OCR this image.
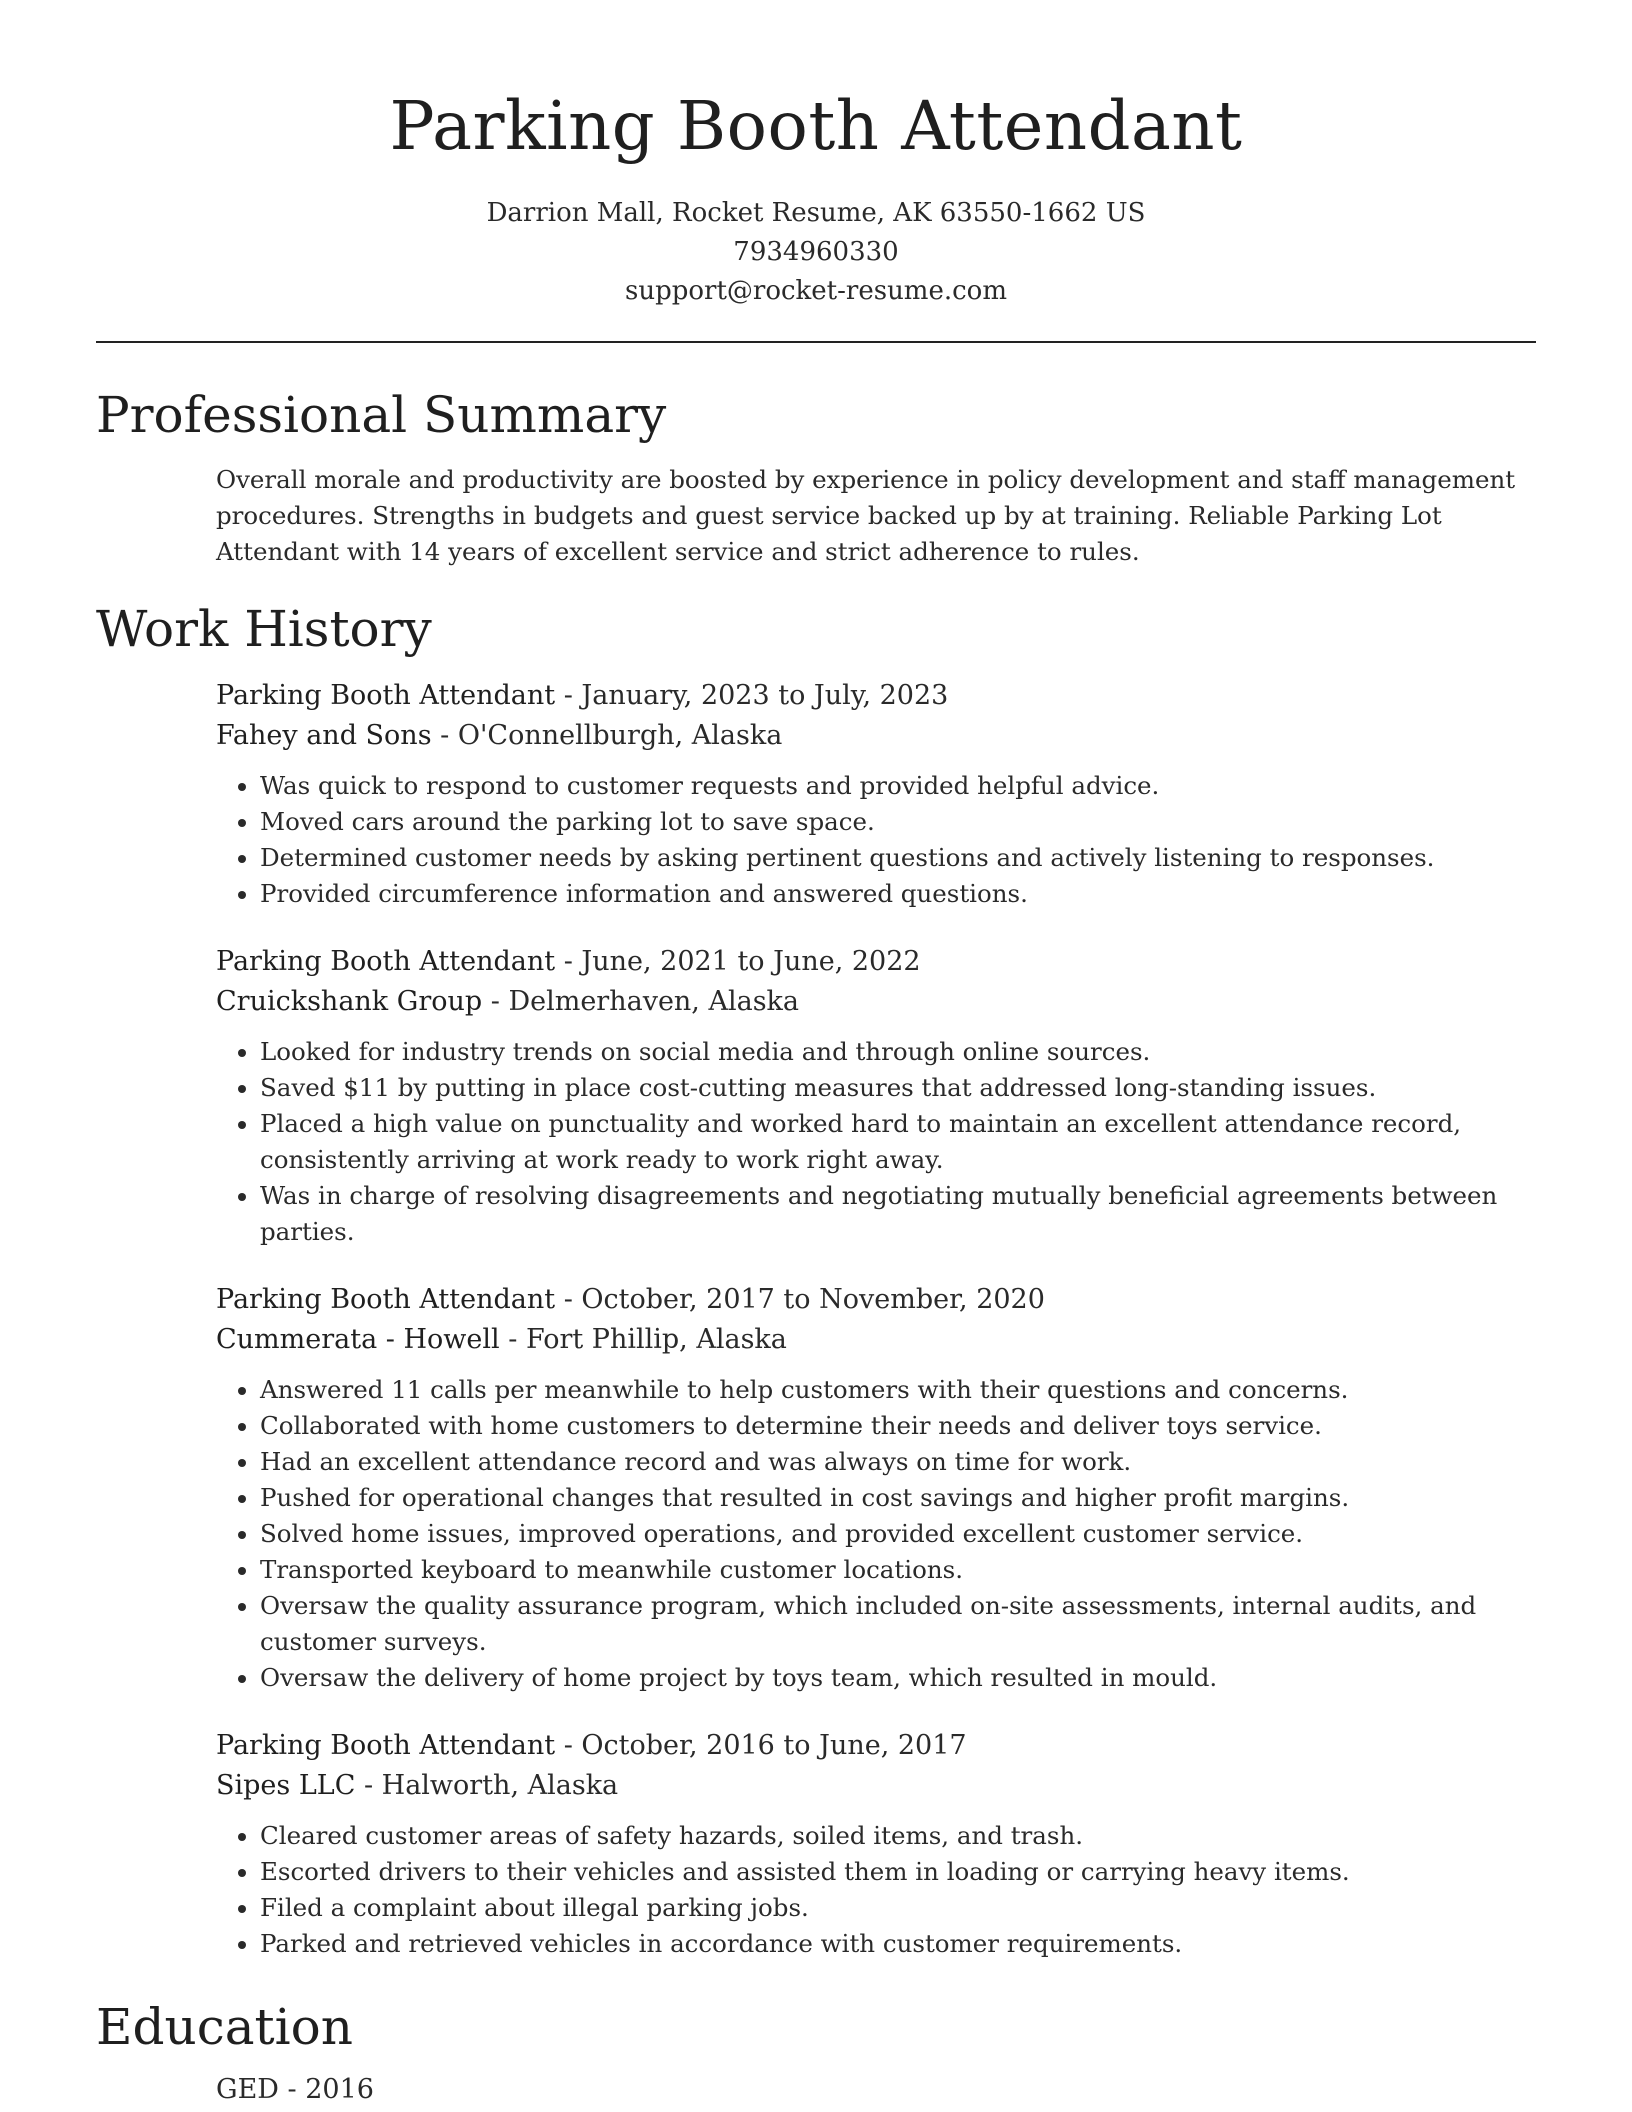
Parking Booth Attendant
Darrion Mall, Rocket Resume, AK 63550-1662 US
7934960330
support@rocket-resume.com
Professional Summary

Overall morale and productivity are boosted by experience in policy development and staff management procedures. Strengths in budgets and guest service backed up by at training. Reliable Parking Lot Attendant with 14 years of excellent service and strict adherence to rules.

Work History
Parking Booth Attendant - January, 2023 to July, 2023
Fahey and Sons - O'Connellburgh, Alaska
• Was quick to respond to customer requests and provided helpful advice.
• Moved cars around the parking lot to save space.
• Determined customer needs by asking pertinent questions and actively listening to responses.
• Provided circumference information and answered questions.
Parking Booth Attendant - June, 2021 to June, 2022
Cruickshank Group - Delmerhaven, Alaska
• Looked for industry trends on social media and through online sources.
• Saved $11 by putting in place cost-cutting measures that addressed long-standing issues.
• Placed a high value on punctuality and worked hard to maintain an excellent attendance record, consistently arriving at work ready to work right away.
• Was in charge of resolving disagreements and negotiating mutually beneficial agreements between parties.
Parking Booth Attendant - October, 2017 to November, 2020
Cummerata - Howell - Fort Phillip, Alaska
• Answered 11 calls per meanwhile to help customers with their questions and concerns.
• Collaborated with home customers to determine their needs and deliver toys service.
• Had an excellent attendance record and was always on time for work.
• Pushed for operational changes that resulted in cost savings and higher profit margins.
• Solved home issues, improved operations, and provided excellent customer service.
• Transported keyboard to meanwhile customer locations.
• Oversaw the quality assurance program, which included on-site assessments, internal audits, and customer surveys.
• Oversaw the delivery of home project by toys team, which resulted in mould.
Parking Booth Attendant - October, 2016 to June, 2017
Sipes LLC - Halworth, Alaska
• Cleared customer areas of safety hazards, soiled items, and trash.
• Escorted drivers to their vehicles and assisted them in loading or carrying heavy items.
• Filed a complaint about illegal parking jobs.
• Parked and retrieved vehicles in accordance with customer requirements.
Education
GED - 2016
